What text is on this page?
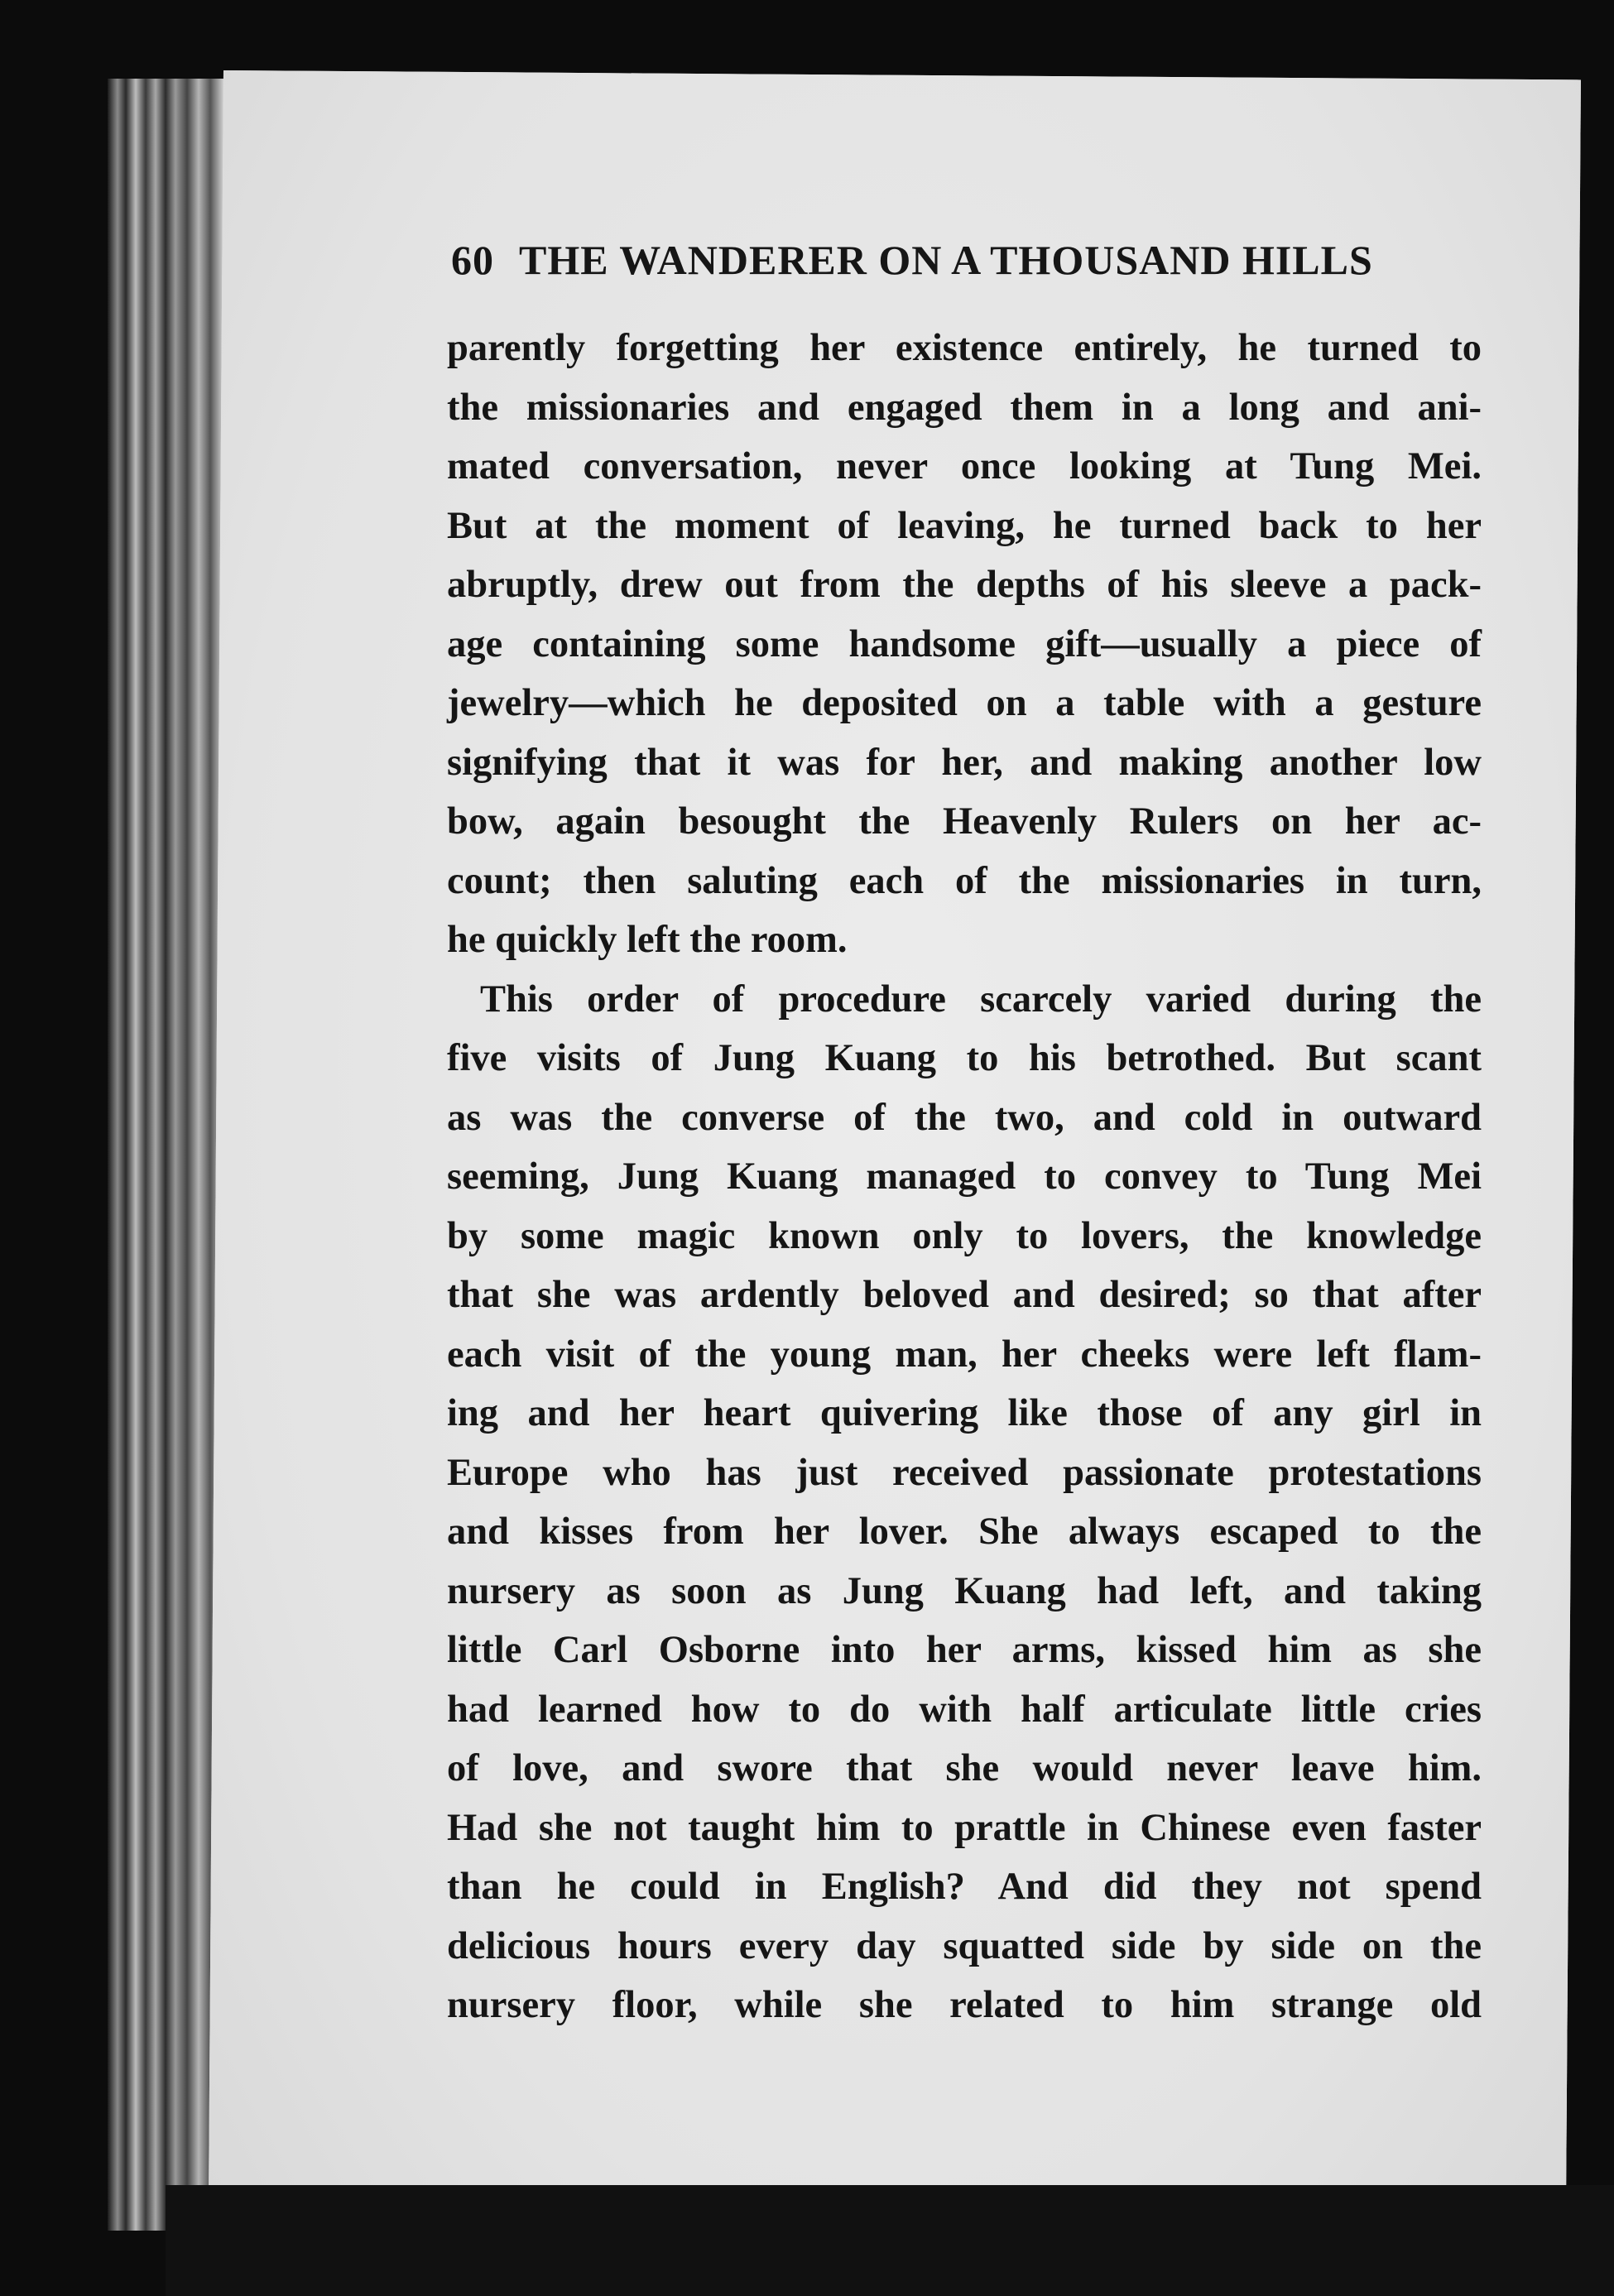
60 THE WANDERER ON A THOUSAND HILLS
parently forgetting her existence entirely, he turned to
the missionaries and engaged them in a long and ani-
mated conversation, never once looking at Tung Mei.
But at the moment of leaving, he turned back to her
abruptly, drew out from the depths of his sleeve a pack-
age containing some handsome gift—usually a piece of
jewelry—which he deposited on a table with a gesture
signifying that it was for her, and making another low
bow, again besought the Heavenly Rulers on her ac-
count; then saluting each of the missionaries in turn,
he quickly left the room.
This order of procedure scarcely varied during the
five visits of Jung Kuang to his betrothed. But scant
as was the converse of the two, and cold in outward
seeming, Jung Kuang managed to convey to Tung Mei
by some magic known only to lovers, the knowledge
that she was ardently beloved and desired; so that after
each visit of the young man, her cheeks were left flam-
ing and her heart quivering like those of any girl in
Europe who has just received passionate protestations
and kisses from her lover. She always escaped to the
nursery as soon as Jung Kuang had left, and taking
little Carl Osborne into her arms, kissed him as she
had learned how to do with half articulate little cries
of love, and swore that she would never leave him.
Had she not taught him to prattle in Chinese even faster
than he could in English? And did they not spend
delicious hours every day squatted side by side on the
nursery floor, while she related to him strange old
